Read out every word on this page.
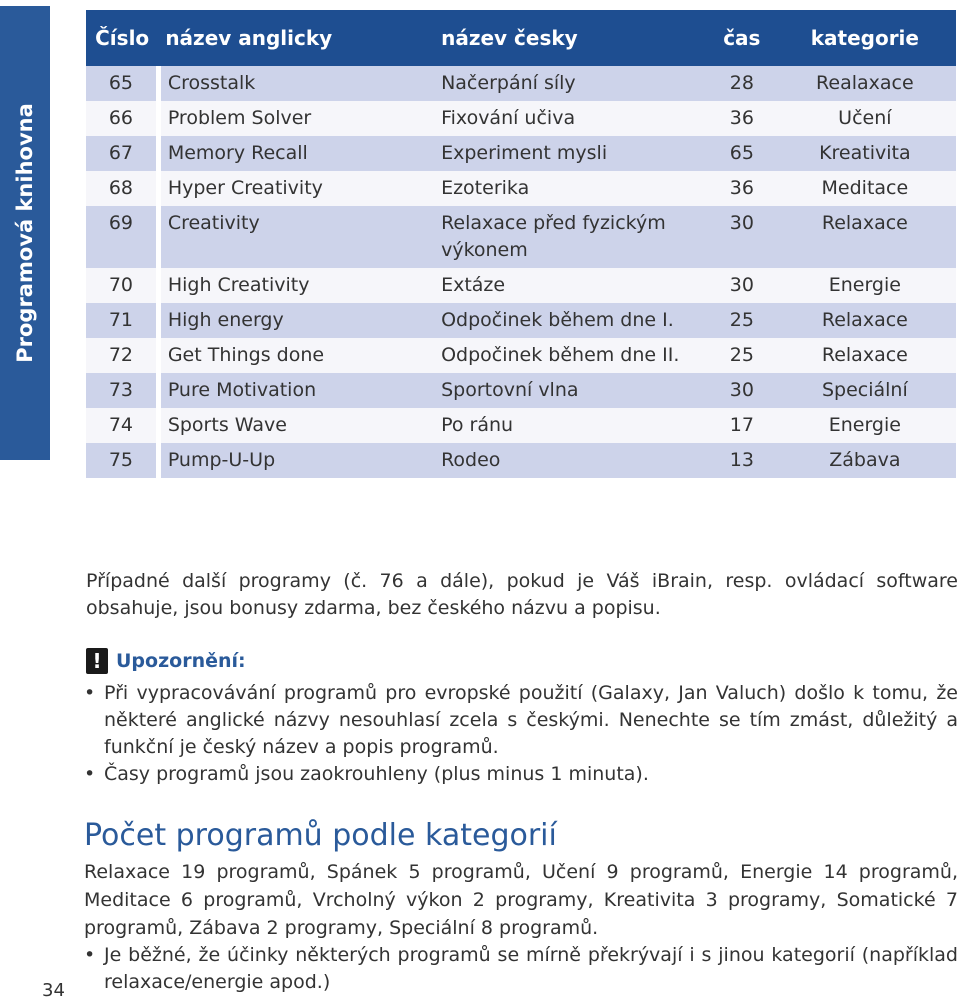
Programová knihovna
Číslo	název anglicky	název česky	čas	kategorie
65	Crosstalk	Načerpání síly	28	Realaxace
66	Problem Solver	Fixování učiva	36	Učení
67	Memory Recall	Experiment mysli	65	Kreativita
68	Hyper Creativity	Ezoterika	36	Meditace
69	Creativity	Relaxace před fyzickým výkonem	30	Relaxace
70	High Creativity	Extáze	30	Energie
71	High energy	Odpočinek během dne I.	25	Relaxace
72	Get Things done	Odpočinek během dne II.	25	Relaxace
73	Pure Motivation	Sportovní vlna	30	Speciální
74	Sports Wave	Po ránu	17	Energie
75	Pump-U-Up	Rodeo	13	Zábava
Případné další programy (č. 76 a dále), pokud je Váš iBrain, resp. ovládací software obsahuje, jsou bonusy zdarma, bez českého názvu a popisu.
! Upozornění:
• Při vypracovávání programů pro evropské použití (Galaxy, Jan Valuch) došlo k tomu, že některé anglické názvy nesouhlasí zcela s českými. Nenechte se tím zmást, důležitý a funkční je český název a popis programů.
• Časy programů jsou zaokrouhleny (plus minus 1 minuta).
Počet programů podle kategorií
Relaxace 19 programů, Spánek 5 programů, Učení 9 programů, Energie 14 programů, Meditace 6 programů, Vrcholný výkon 2 programy, Kreativita 3 programy, Somatické 7 programů, Zábava 2 programy, Speciální 8 programů.
• Je běžné, že účinky některých programů se mírně překrývají i s jinou kategorií (například relaxace/energie apod.)
34
